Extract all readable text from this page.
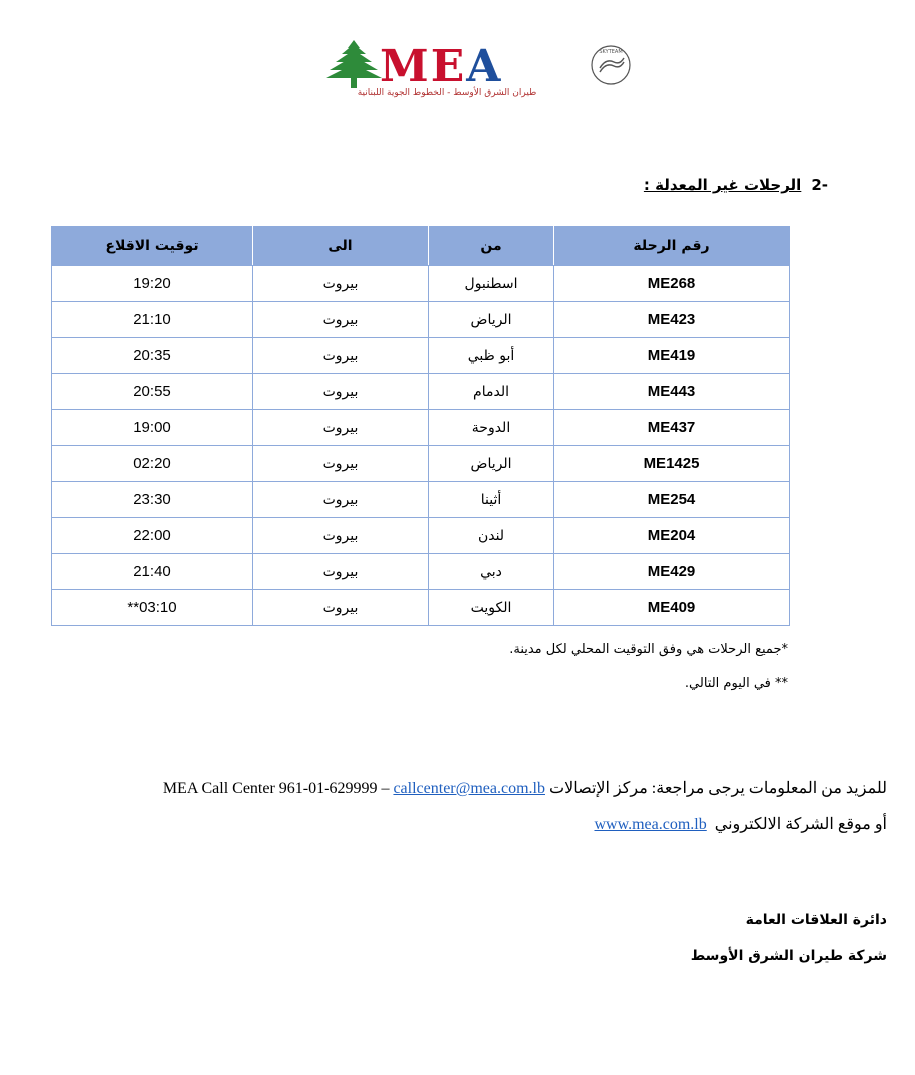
MEA
طيران الشرق الأوسط - الخطوط الجوية اللبنانية
SKYTEAM
-2الرحلات غير المعدلة :
رقم الرحلة	من	الى	توقيت الاقلاع
ME268	اسطنبول	بيروت	19:20
ME423	الرياض	بيروت	21:10
ME419	أبو ظبي	بيروت	20:35
ME443	الدمام	بيروت	20:55
ME437	الدوحة	بيروت	19:00
ME1425	الرياض	بيروت	02:20
ME254	أثينا	بيروت	23:30
ME204	لندن	بيروت	22:00
ME429	دبي	بيروت	21:40
ME409	الكويت	بيروت	03:10**
*جميع الرحلات هي وفق التوقيت المحلي لكل مدينة.
** في اليوم التالي.
للمزيد من المعلومات يرجى مراجعة: مركز الإتصالات MEA Call Center 961-01-629999 – callcenter@mea.com.lb
أو موقع الشركة الالكتروني  www.mea.com.lb
دائرة العلاقات العامة
شركة طيران الشرق الأوسط
